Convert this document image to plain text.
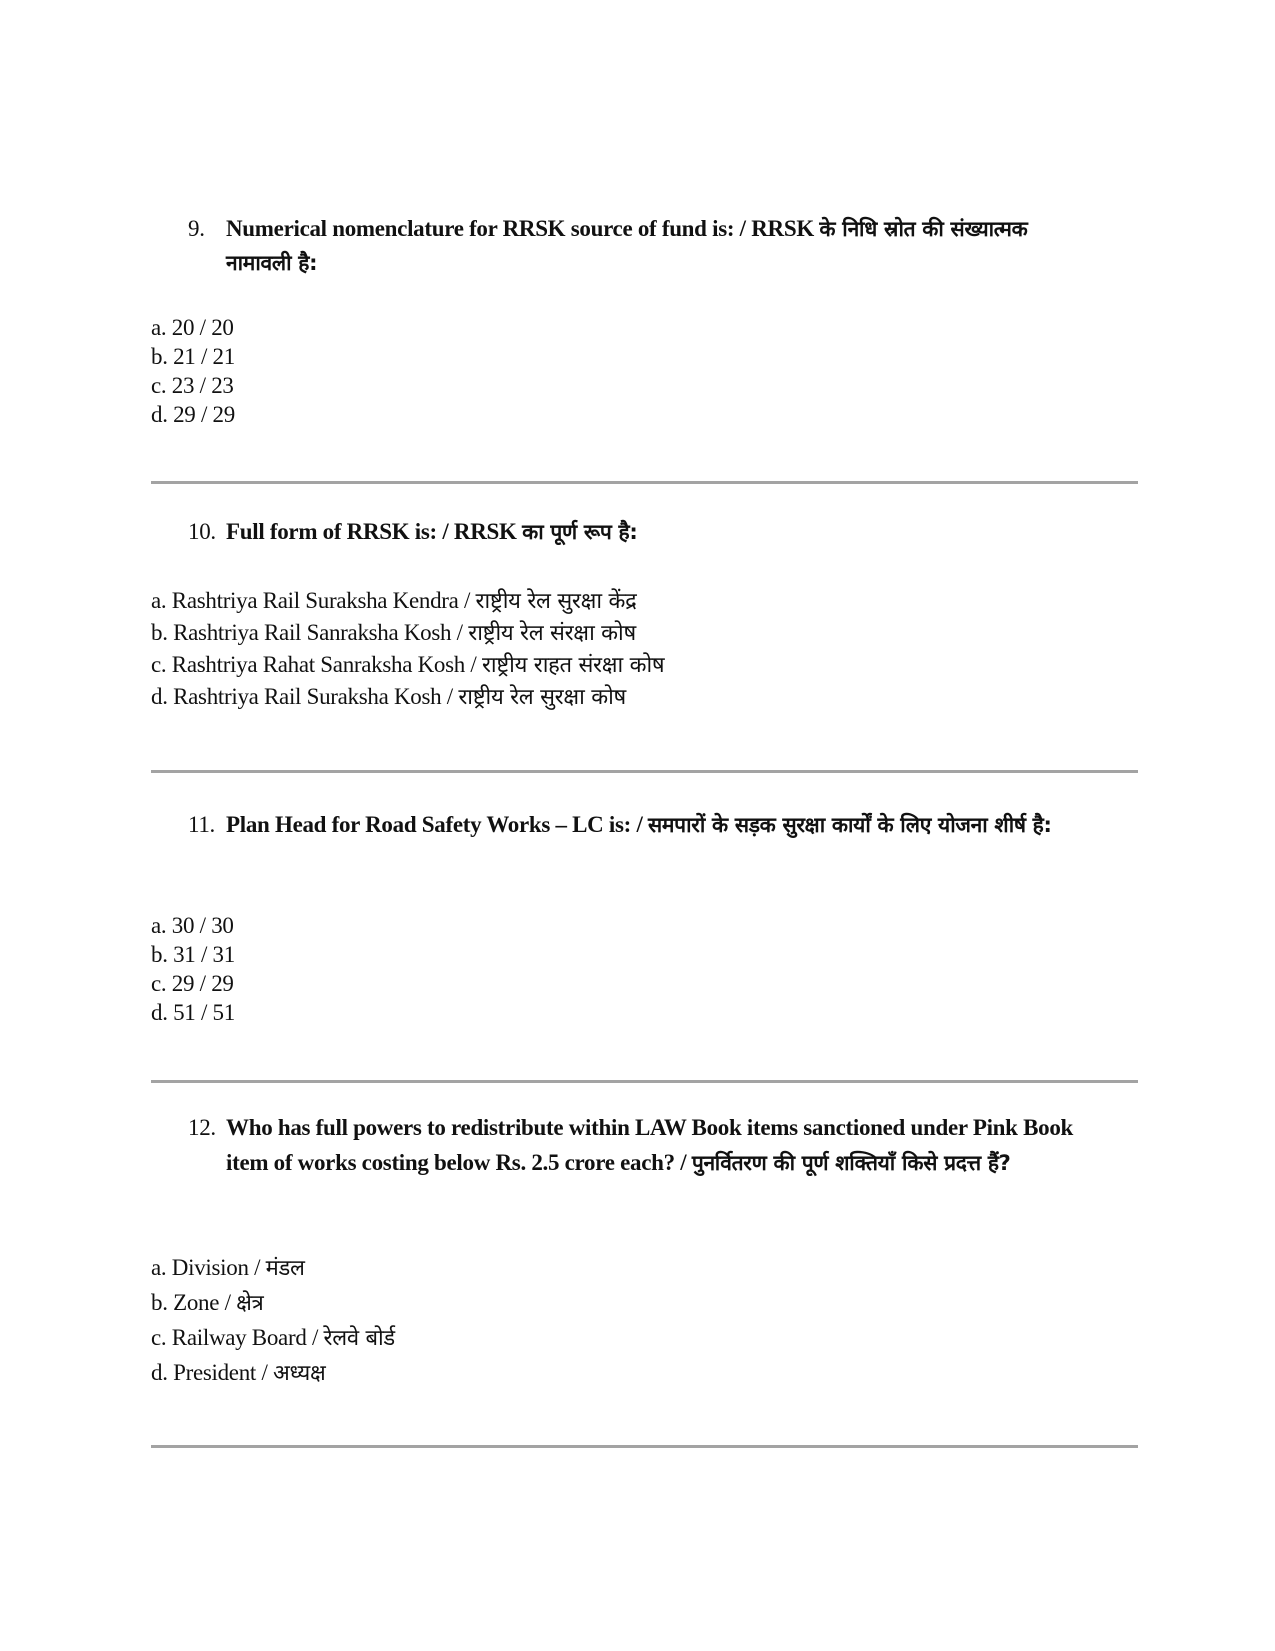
9. Numerical nomenclature for RRSK source of fund is: / RRSK के निधि स्रोत की संख्यात्मक नामावली है:
a. 20 / 20
b. 21 / 21
c. 23 / 23
d. 29 / 29
10. Full form of RRSK is: / RRSK का पूर्ण रूप है:
a. Rashtriya Rail Suraksha Kendra / राष्ट्रीय रेल सुरक्षा केंद्र
b. Rashtriya Rail Sanraksha Kosh / राष्ट्रीय रेल संरक्षा कोष
c. Rashtriya Rahat Sanraksha Kosh / राष्ट्रीय राहत संरक्षा कोष
d. Rashtriya Rail Suraksha Kosh / राष्ट्रीय रेल सुरक्षा कोष
11. Plan Head for Road Safety Works – LC is: / समपारों के सड़क सुरक्षा कार्यों के लिए योजना शीर्ष है:
a. 30 / 30
b. 31 / 31
c. 29 / 29
d. 51 / 51
12. Who has full powers to redistribute within LAW Book items sanctioned under Pink Book item of works costing below Rs. 2.5 crore each? / पुनर्वितरण की पूर्ण शक्तियाँ किसे प्रदत्त हैं?
a. Division / मंडल
b. Zone / क्षेत्र
c. Railway Board / रेलवे बोर्ड
d. President / अध्यक्ष
